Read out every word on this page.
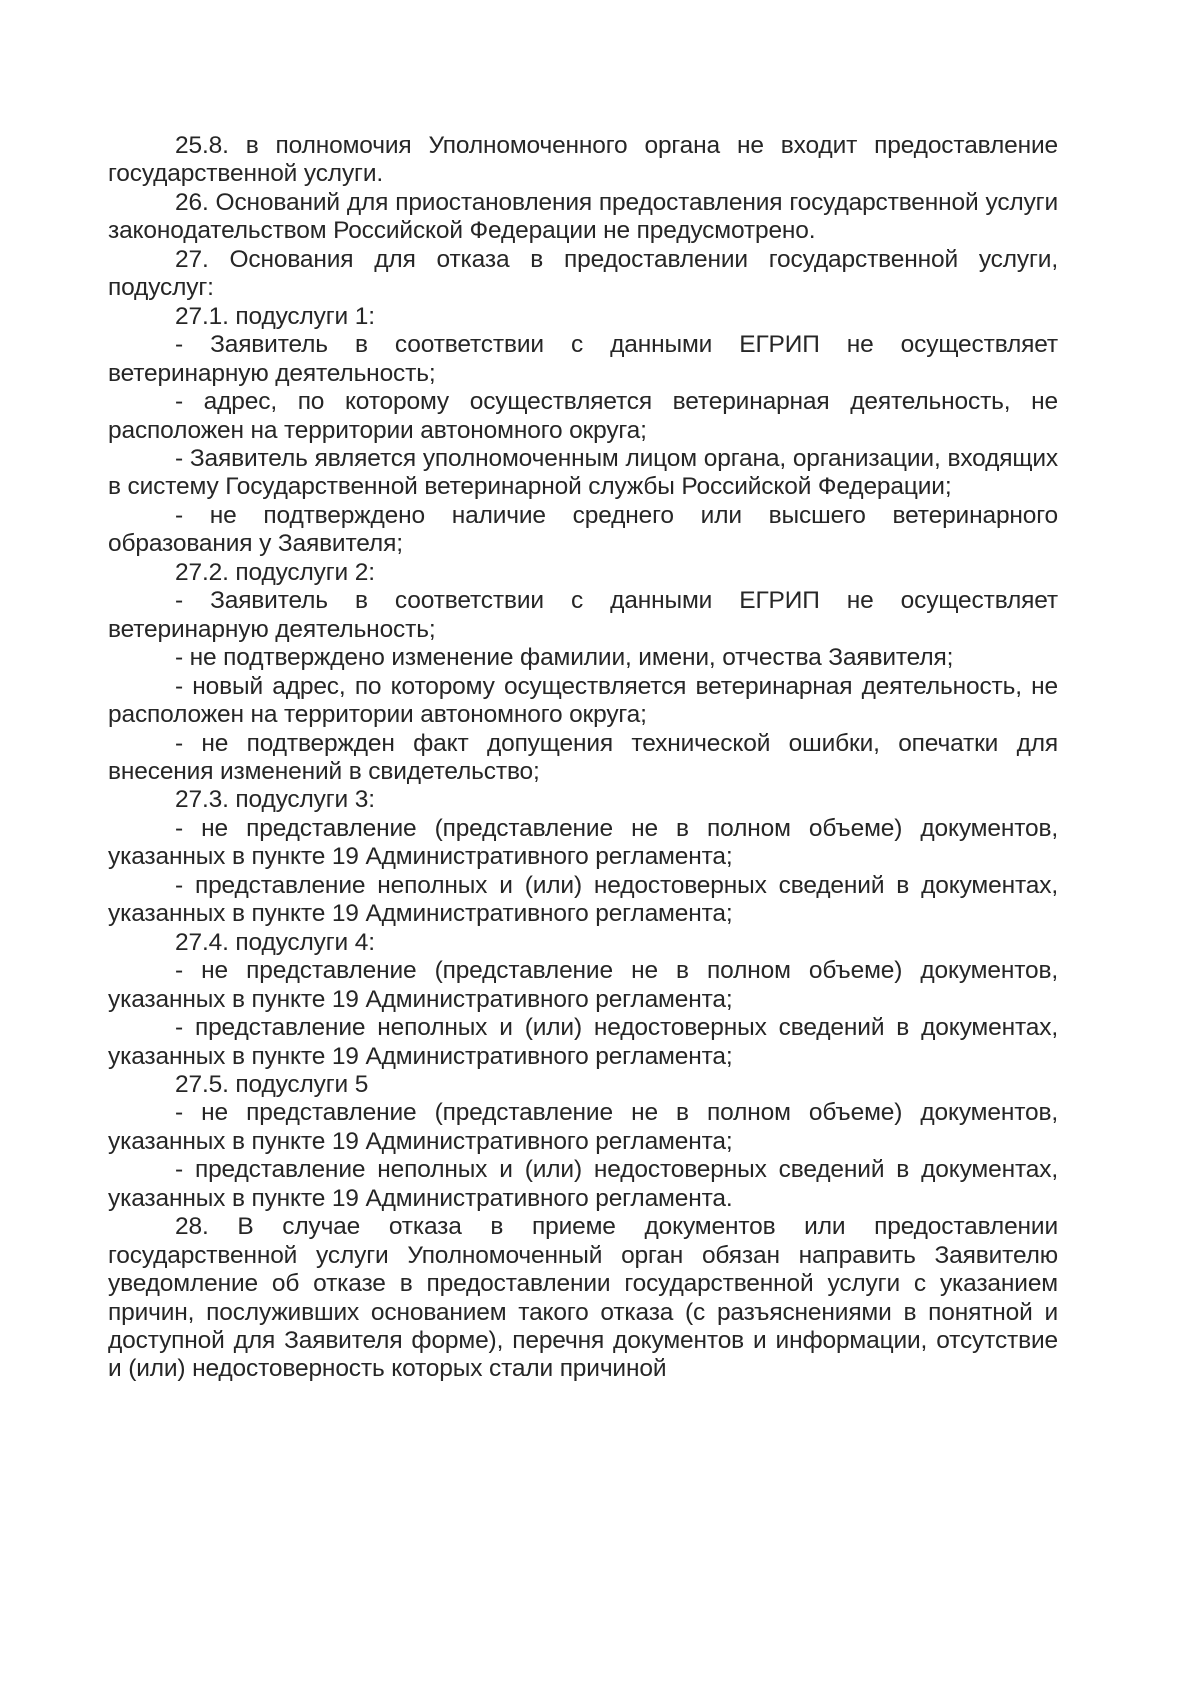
25.8. в полномочия Уполномоченного органа не входит предоставление государственной услуги.

26. Оснований для приостановления предоставления государственной услуги законодательством Российской Федерации не предусмотрено.

27. Основания для отказа в предоставлении государственной услуги, подуслуг:

27.1. подуслуги 1:

- Заявитель в соответствии с данными ЕГРИП не осуществляет ветеринарную деятельность;

- адрес, по которому осуществляется ветеринарная деятельность, не расположен на территории автономного округа;

- Заявитель является уполномоченным лицом органа, организации, входящих в систему Государственной ветеринарной службы Российской Федерации;

- не подтверждено наличие среднего или высшего ветеринарного образования у Заявителя;

27.2. подуслуги 2:

- Заявитель в соответствии с данными ЕГРИП не осуществляет ветеринарную деятельность;

- не подтверждено изменение фамилии, имени, отчества Заявителя;

- новый адрес, по которому осуществляется ветеринарная деятельность, не расположен на территории автономного округа;

- не подтвержден факт допущения технической ошибки, опечатки для внесения изменений в свидетельство;

27.3. подуслуги 3:

- не представление (представление не в полном объеме) документов, указанных в пункте 19 Административного регламента;

- представление неполных и (или) недостоверных сведений в документах, указанных в пункте 19 Административного регламента;

27.4. подуслуги 4:

- не представление (представление не в полном объеме) документов, указанных в пункте 19 Административного регламента;

- представление неполных и (или) недостоверных сведений в документах, указанных в пункте 19 Административного регламента;

27.5. подуслуги 5

- не представление (представление не в полном объеме) документов, указанных в пункте 19 Административного регламента;

- представление неполных и (или) недостоверных сведений в документах, указанных в пункте 19 Административного регламента.

28. В случае отказа в приеме документов или предоставлении государственной услуги Уполномоченный орган обязан направить Заявителю уведомление об отказе в предоставлении государственной услуги с указанием причин, послуживших основанием такого отказа (с разъяснениями в понятной и доступной для Заявителя форме), перечня документов и информации, отсутствие и (или) недостоверность которых стали причиной
